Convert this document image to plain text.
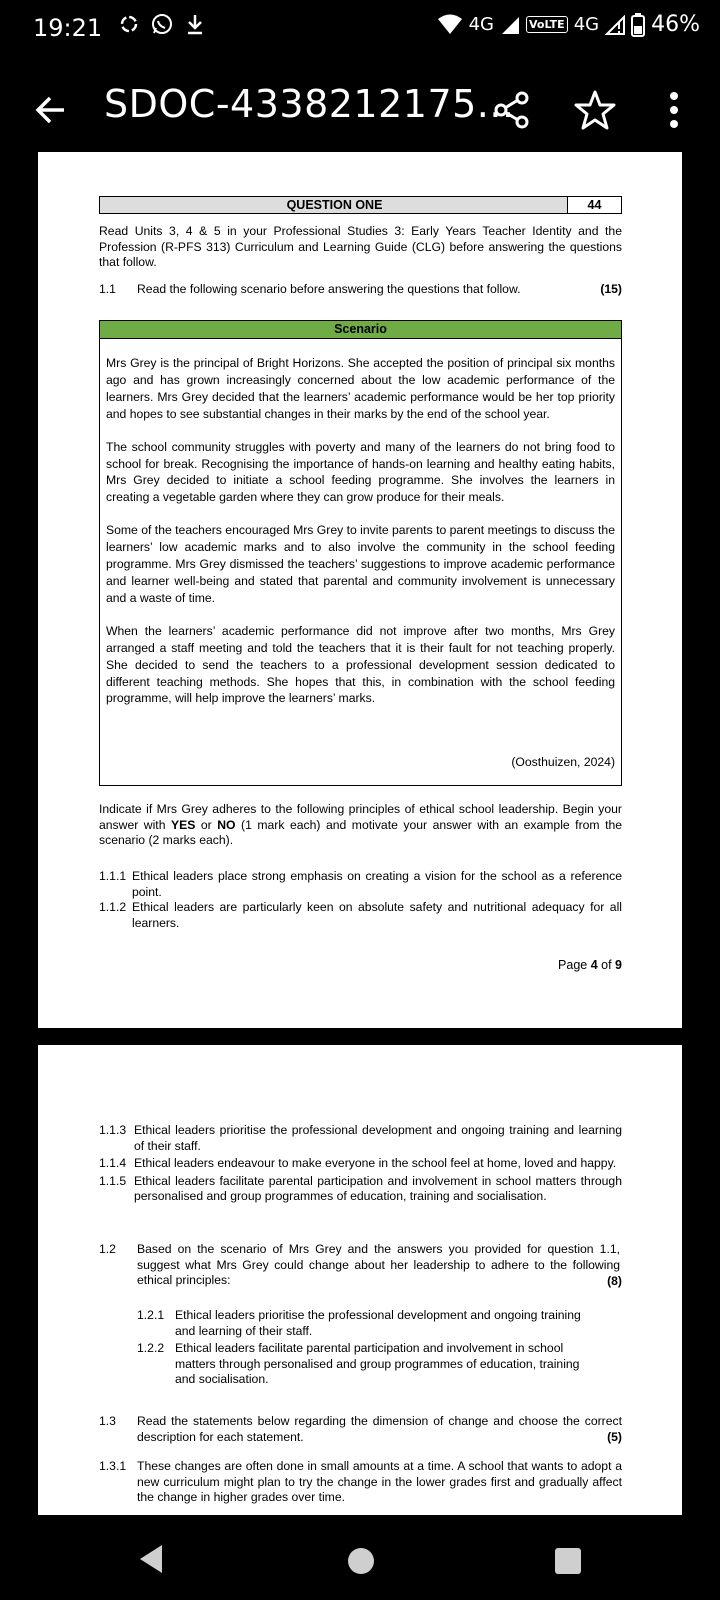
19:21	4G	VoLTE 4G 46%
SDOC-4338212175...
QUESTION ONE	44
Read Units 3, 4 & 5 in your Professional Studies 3: Early Years Teacher Identity and the Profession (R-PFS 313) Curriculum and Learning Guide (CLG) before answering the questions that follow.
1.1	Read the following scenario before answering the questions that follow.	(15)
Scenario

Mrs Grey is the principal of Bright Horizons. She accepted the position of principal six months ago and has grown increasingly concerned about the low academic performance of the learners. Mrs Grey decided that the learners’ academic performance would be her top priority and hopes to see substantial changes in their marks by the end of the school year.

The school community struggles with poverty and many of the learners do not bring food to school for break. Recognising the importance of hands-on learning and healthy eating habits, Mrs Grey decided to initiate a school feeding programme. She involves the learners in creating a vegetable garden where they can grow produce for their meals.

Some of the teachers encouraged Mrs Grey to invite parents to parent meetings to discuss the learners’ low academic marks and to also involve the community in the school feeding programme. Mrs Grey dismissed the teachers’ suggestions to improve academic performance and learner well-being and stated that parental and community involvement is unnecessary and a waste of time.

When the learners’ academic performance did not improve after two months, Mrs Grey arranged a staff meeting and told the teachers that it is their fault for not teaching properly. She decided to send the teachers to a professional development session dedicated to different teaching methods. She hopes that this, in combination with the school feeding programme, will help improve the learners’ marks.

(Oosthuizen, 2024)
Indicate if Mrs Grey adheres to the following principles of ethical school leadership. Begin your answer with YES or NO (1 mark each) and motivate your answer with an example from the scenario (2 marks each).
1.1.1 Ethical leaders place strong emphasis on creating a vision for the school as a reference point.
1.1.2 Ethical leaders are particularly keen on absolute safety and nutritional adequacy for all learners.
Page 4 of 9
1.1.3 Ethical leaders prioritise the professional development and ongoing training and learning of their staff.
1.1.4 Ethical leaders endeavour to make everyone in the school feel at home, loved and happy.
1.1.5 Ethical leaders facilitate parental participation and involvement in school matters through personalised and group programmes of education, training and socialisation.
1.2	Based on the scenario of Mrs Grey and the answers you provided for question 1.1, suggest what Mrs Grey could change about her leadership to adhere to the following ethical principles:	(8)
1.2.1 Ethical leaders prioritise the professional development and ongoing training and learning of their staff.
1.2.2 Ethical leaders facilitate parental participation and involvement in school matters through personalised and group programmes of education, training and socialisation.
1.3	Read the statements below regarding the dimension of change and choose the correct description for each statement.	(5)
1.3.1 These changes are often done in small amounts at a time. A school that wants to adopt a new curriculum might plan to try the change in the lower grades first and gradually affect the change in higher grades over time.
